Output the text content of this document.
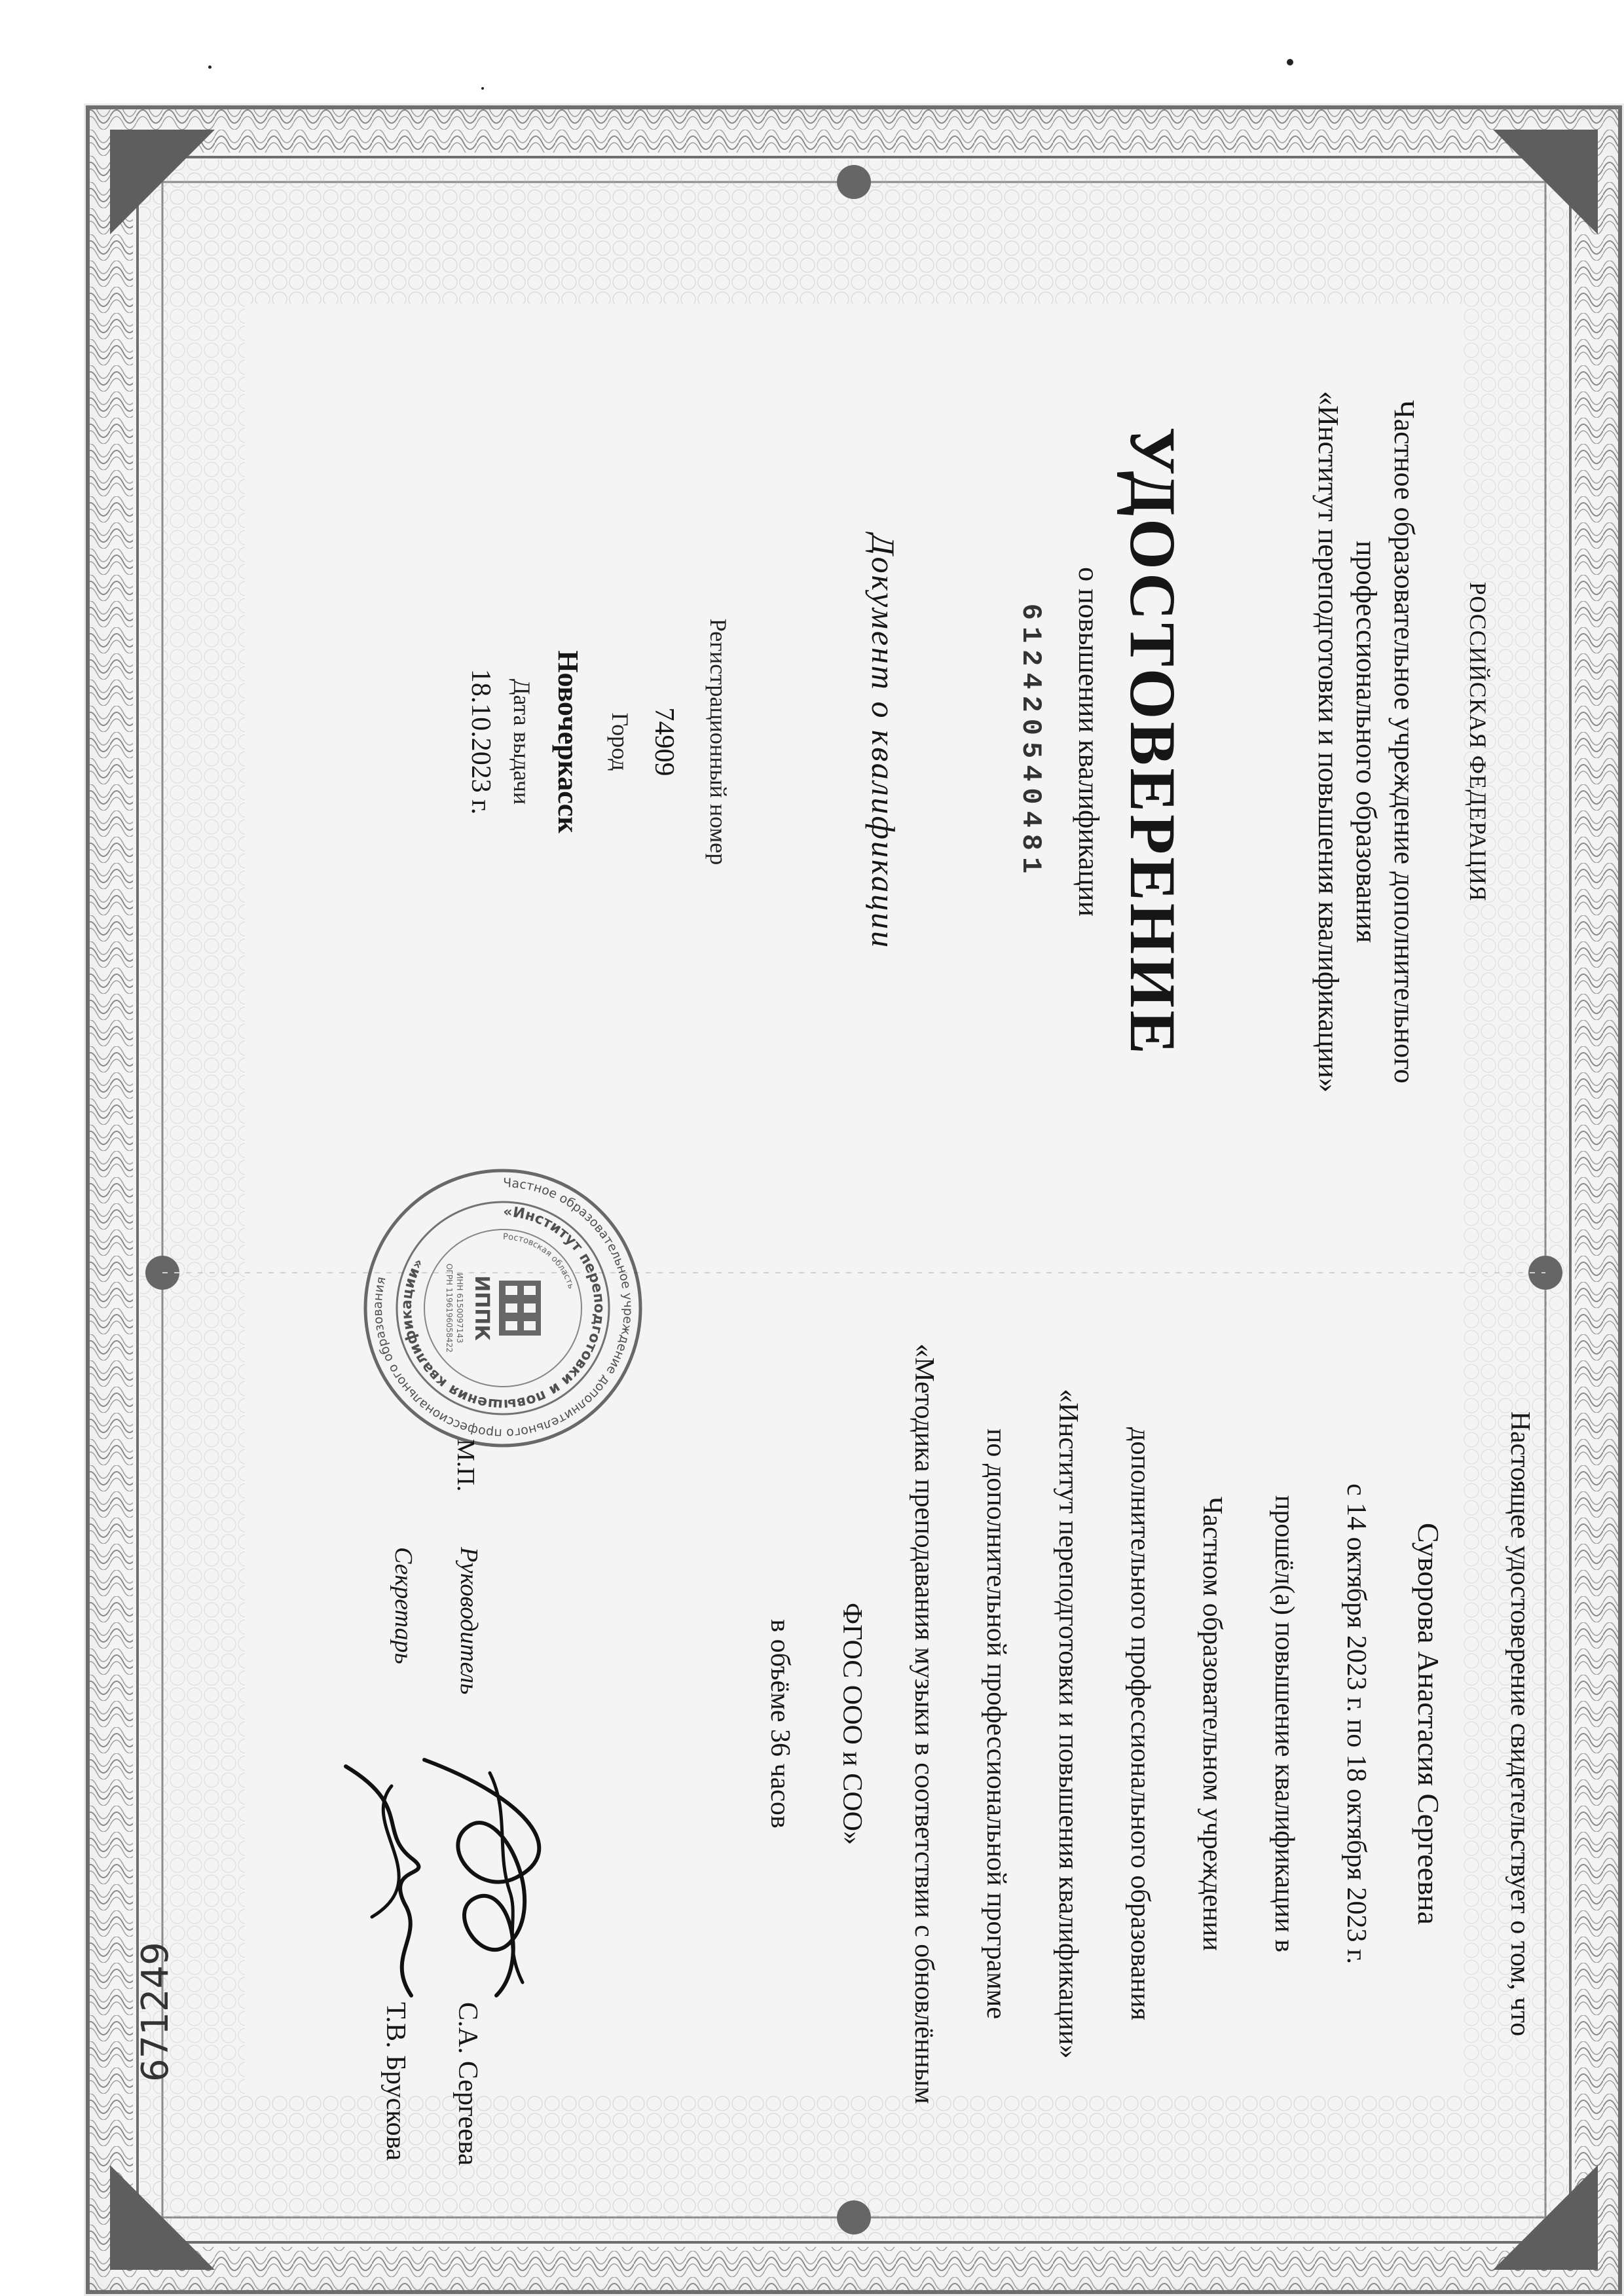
РОССИЙСКАЯ ФЕДЕРАЦИЯ
Частное образовательное учреждение дополнительного
профессионального образования
«Институт переподготовки и повышения квалификации»
УДОСТОВЕРЕНИЕ
о повышении квалификации
612420540481
Документ о квалификации
Регистрационный номер
74909
Город
Новочеркасск
Дата выдачи
18.10.2023 г.
Настоящее удостоверение свидетельствует о том, что
Суворова Анастасия Сергеевна
с 14 октября 2023 г. по 18 октября 2023 г.
прошёл(а) повышение квалификации в
Частном образовательном учреждении
дополнительного профессионального образования
«Институт переподготовки и повышения квалификации»
по дополнительной профессиональной программе
«Методика преподавания музыки в соответствии с обновлённым
ФГОС ООО и СОО»
в объёме 36 часов
Частное образовательное учреждение дополнительного профессионального образования
«Институт переподготовки и повышения квалификации»
Ростовская область
ИППК
ИНН 6150097143
ОГРН 1196196058422
М.П.
Руководитель
С.А. Сергеева
Секретарь
Т.В. Брускова
671249
